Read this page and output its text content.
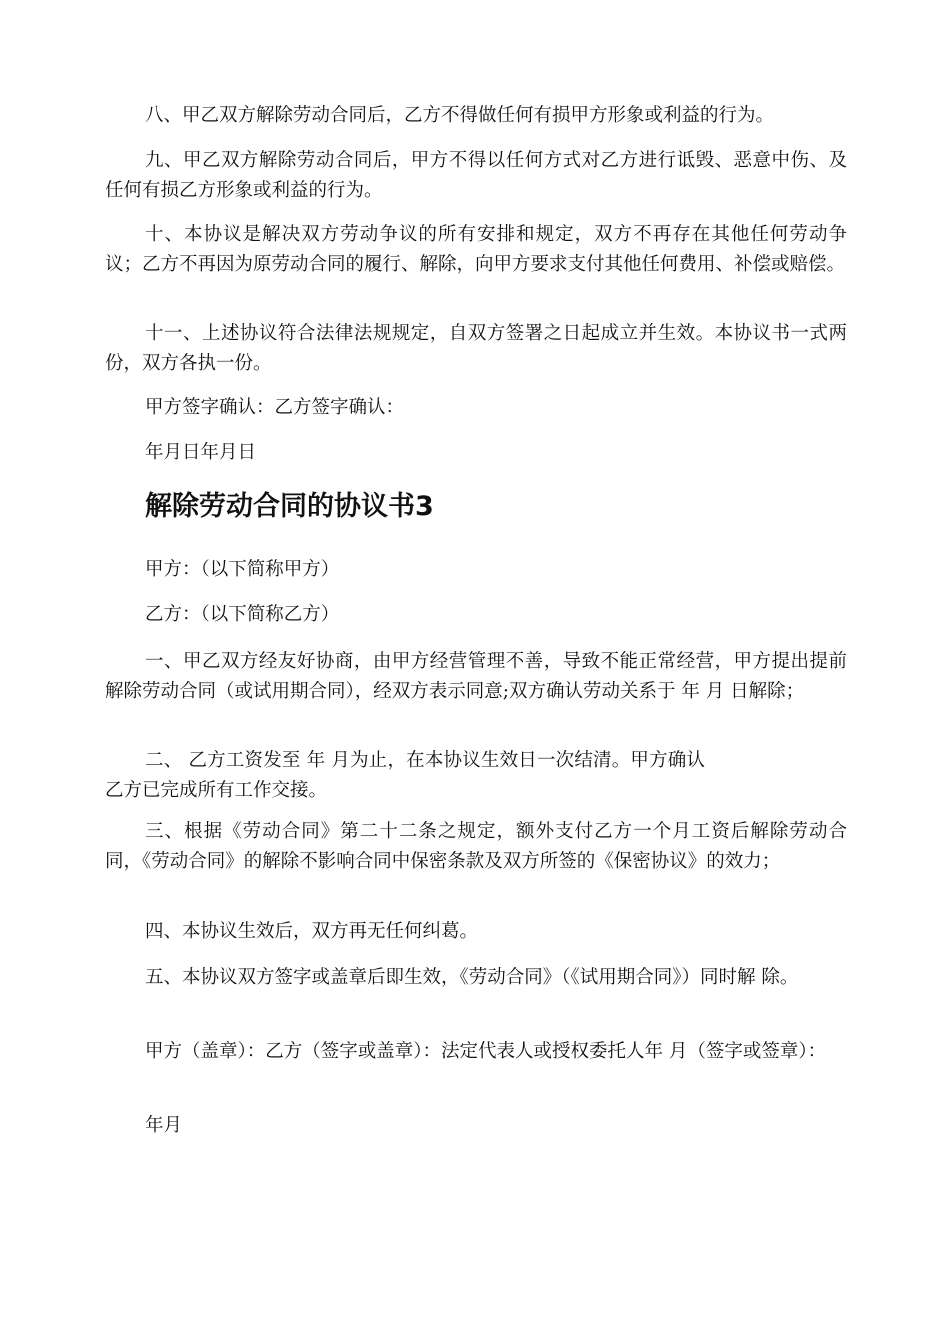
八、甲乙双方解除劳动合同后，乙方不得做任何有损甲方形象或利益的行为。

九、甲乙双方解除劳动合同后，甲方不得以任何方式对乙方进行诋毁、恶意中伤、及任何有损乙方形象或利益的行为。

十、本协议是解决双方劳动争议的所有安排和规定，双方不再存在其他任何劳动争议；乙方不再因为原劳动合同的履行、解除，向甲方要求支付其他任何费用、补偿或赔偿。

十一、上述协议符合法律法规规定，自双方签署之日起成立并生效。本协议书一式两份，双方各执一份。

甲方签字确认：乙方签字确认：

年月日年月日

解除劳动合同的协议书3

甲方：（以下简称甲方）

乙方：（以下简称乙方）

一、甲乙双方经友好协商，由甲方经营管理不善，导致不能正常经营，甲方提出提前解除劳动合同（或试用期合同），经双方表示同意;双方确认劳动关系于 年 月 日解除；

二、 乙方工资发至 年 月为止，在本协议生效日一次结清。甲方确认乙方已完成所有工作交接。

三、根据《劳动合同》第二十二条之规定，额外支付乙方一个月工资后解除劳动合同，《劳动合同》的解除不影响合同中保密条款及双方所签的《保密协议》的效力；

四、本协议生效后，双方再无任何纠葛。

五、本协议双方签字或盖章后即生效，《劳动合同》（《试用期合同》）同时解 除。

甲方（盖章）：乙方（签字或盖章）：法定代表人或授权委托人年 月（签字或签章）：

年月
